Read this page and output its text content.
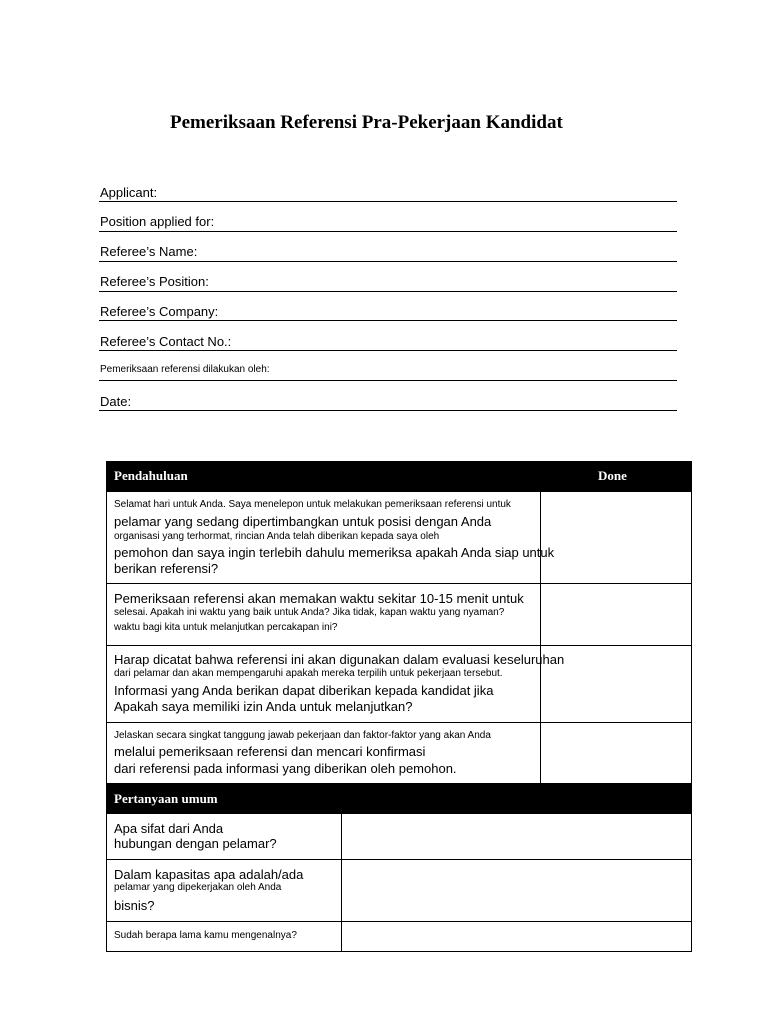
Pemeriksaan Referensi Pra-Pekerjaan Kandidat
Applicant:
Position applied for:
Referee’s Name:
Referee’s Position:
Referee’s Company:
Referee’s Contact No.:
Pemeriksaan referensi dilakukan oleh:
Date:
Pendahuluan	Done
Selamat hari untuk Anda. Saya menelepon untuk melakukan pemeriksaan referensi untuk
pelamar yang sedang dipertimbangkan untuk posisi dengan Anda
organisasi yang terhormat, rincian Anda telah diberikan kepada saya oleh
pemohon dan saya ingin terlebih dahulu memeriksa apakah Anda siap untuk
berikan referensi?
Pemeriksaan referensi akan memakan waktu sekitar 10-15 menit untuk
selesai. Apakah ini waktu yang baik untuk Anda? Jika tidak, kapan waktu yang nyaman?
waktu bagi kita untuk melanjutkan percakapan ini?
Harap dicatat bahwa referensi ini akan digunakan dalam evaluasi keseluruhan
dari pelamar dan akan mempengaruhi apakah mereka terpilih untuk pekerjaan tersebut.
Informasi yang Anda berikan dapat diberikan kepada kandidat jika
Apakah saya memiliki izin Anda untuk melanjutkan?
Jelaskan secara singkat tanggung jawab pekerjaan dan faktor-faktor yang akan Anda
melalui pemeriksaan referensi dan mencari konfirmasi
dari referensi pada informasi yang diberikan oleh pemohon.
Pertanyaan umum
Apa sifat dari Anda
hubungan dengan pelamar?
Dalam kapasitas apa adalah/ada
pelamar yang dipekerjakan oleh Anda
bisnis?
Sudah berapa lama kamu mengenalnya?
